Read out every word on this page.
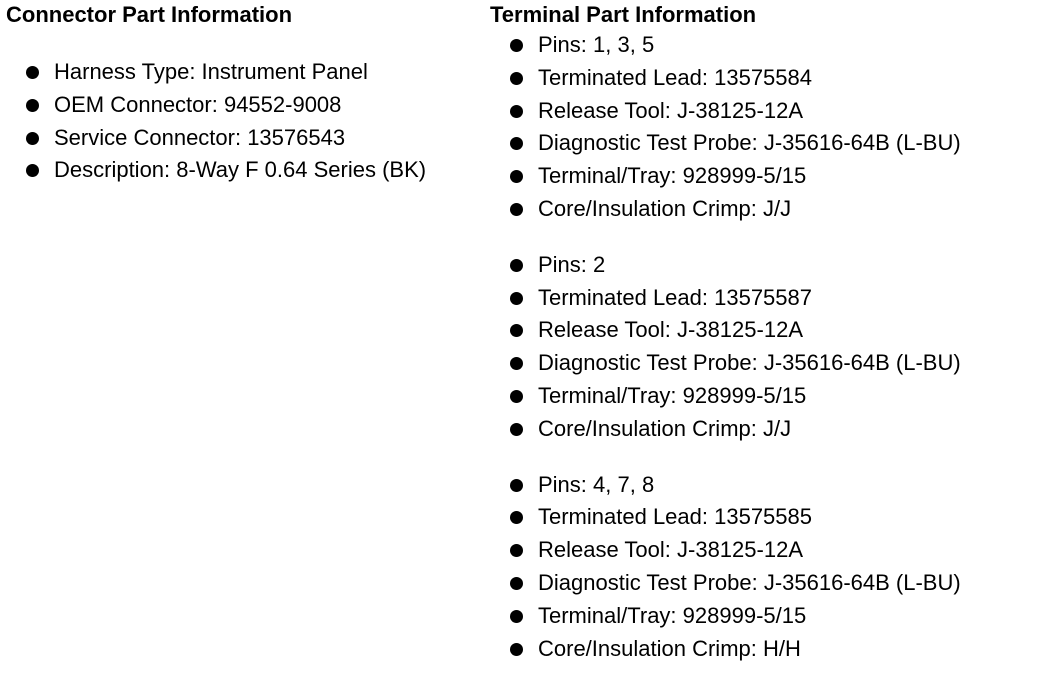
Connector Part Information
Harness Type: Instrument Panel
OEM Connector: 94552-9008
Service Connector: 13576543
Description: 8-Way F 0.64 Series (BK)
Terminal Part Information
Pins: 1, 3, 5
Terminated Lead: 13575584
Release Tool: J-38125-12A
Diagnostic Test Probe: J-35616-64B (L-BU)
Terminal/Tray: 928999-5/15
Core/Insulation Crimp: J/J
Pins: 2
Terminated Lead: 13575587
Release Tool: J-38125-12A
Diagnostic Test Probe: J-35616-64B (L-BU)
Terminal/Tray: 928999-5/15
Core/Insulation Crimp: J/J
Pins: 4, 7, 8
Terminated Lead: 13575585
Release Tool: J-38125-12A
Diagnostic Test Probe: J-35616-64B (L-BU)
Terminal/Tray: 928999-5/15
Core/Insulation Crimp: H/H
